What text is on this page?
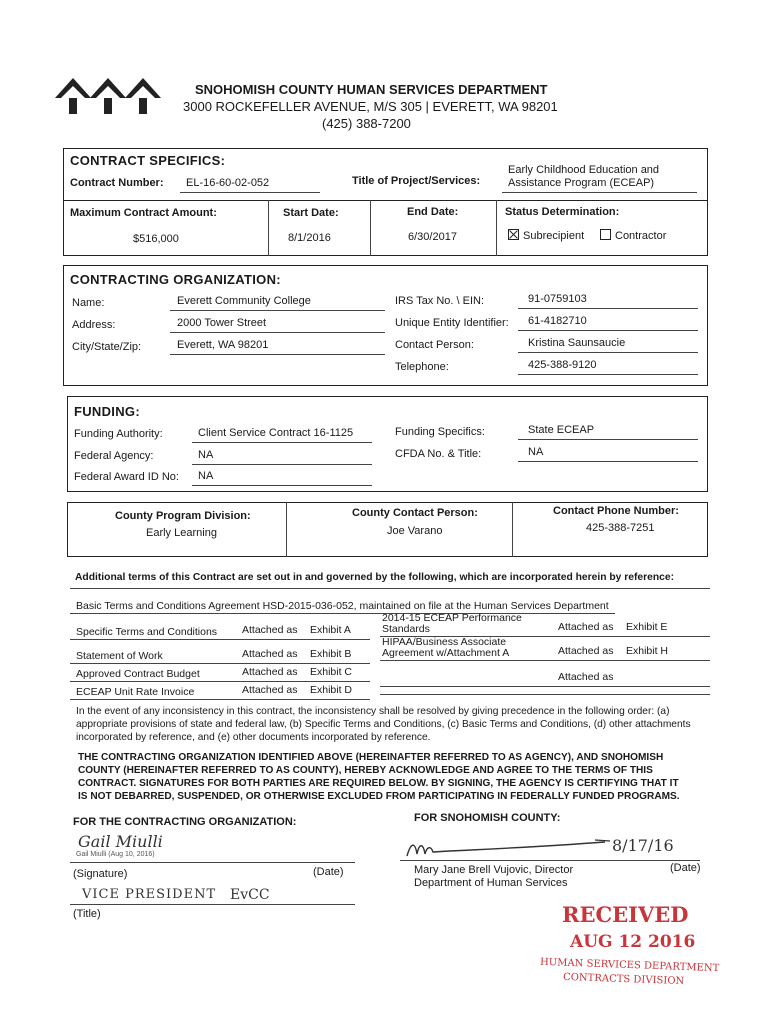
SNOHOMISH COUNTY HUMAN SERVICES DEPARTMENT
3000 ROCKEFELLER AVENUE, M/S 305 | EVERETT, WA 98201
(425) 388-7200
CONTRACT SPECIFICS:
Contract Number: EL-16-60-02-052	Title of Project/Services:
Early Childhood Education and
Assistance Program (ECEAP)
Maximum Contract Amount:
$516,000
Start Date:
8/1/2016
End Date:
6/30/2017
Status Determination:
Subrecipient	Contractor
CONTRACTING ORGANIZATION:
Name:	Everett Community College
Address:	2000 Tower Street
City/State/Zip:	Everett, WA 98201
IRS Tax No. \ EIN:	91-0759103
Unique Entity Identifier: 61-4182710
Contact Person:	Kristina Saunsaucie
Telephone:	425-388-9120
FUNDING:
Funding Authority:	Client Service Contract 16-1125
Federal Agency:	NA
Federal Award ID No: NA
Funding Specifics:	State ECEAP
CFDA No. & Title:	NA
County Program Division:
Early Learning
County Contact Person:
Joe Varano
Contact Phone Number:
425-388-7251
Additional terms of this Contract are set out in and governed by the following, which are incorporated herein by reference:
Basic Terms and Conditions Agreement HSD-2015-036-052, maintained on file at the Human Services Department
Specific Terms and Conditions Attached as Exhibit A
Statement of Work	Attached as Exhibit B
Approved Contract Budget	Attached as Exhibit C
ECEAP Unit Rate Invoice	Attached as Exhibit D
2014-15 ECEAP Performance
Standards	Attached as Exhibit E
HIPAA/Business Associate
Agreement w/Attachment A	Attached as Exhibit H
Attached as
In the event of any inconsistency in this contract, the inconsistency shall be resolved by giving precedence in the following order: (a)
appropriate provisions of state and federal law, (b) Specific Terms and Conditions, (c) Basic Terms and Conditions, (d) other attachments
incorporated by reference, and (e) other documents incorporated by reference.
THE CONTRACTING ORGANIZATION IDENTIFIED ABOVE (HEREINAFTER REFERRED TO AS AGENCY), AND SNOHOMISH
COUNTY (HEREINAFTER REFERRED TO AS COUNTY), HEREBY ACKNOWLEDGE AND AGREE TO THE TERMS OF THIS
CONTRACT. SIGNATURES FOR BOTH PARTIES ARE REQUIRED BELOW. BY SIGNING, THE AGENCY IS CERTIFYING THAT IT
IS NOT DEBARRED, SUSPENDED, OR OTHERWISE EXCLUDED FROM PARTICIPATING IN FEDERALLY FUNDED PROGRAMS.
FOR THE CONTRACTING ORGANIZATION:	FOR SNOHOMISH COUNTY:
Gail Miulli
Gail Miulli (Aug 10, 2016)
(Signature)	(Date)
VICE PRESIDENT EvCC
(Title)
8/17/16
Mary Jane Brell Vujovic, Director
Department of Human Services
(Date)
RECEIVED
AUG 12 2016
HUMAN SERVICES DEPARTMENT
CONTRACTS DIVISION
